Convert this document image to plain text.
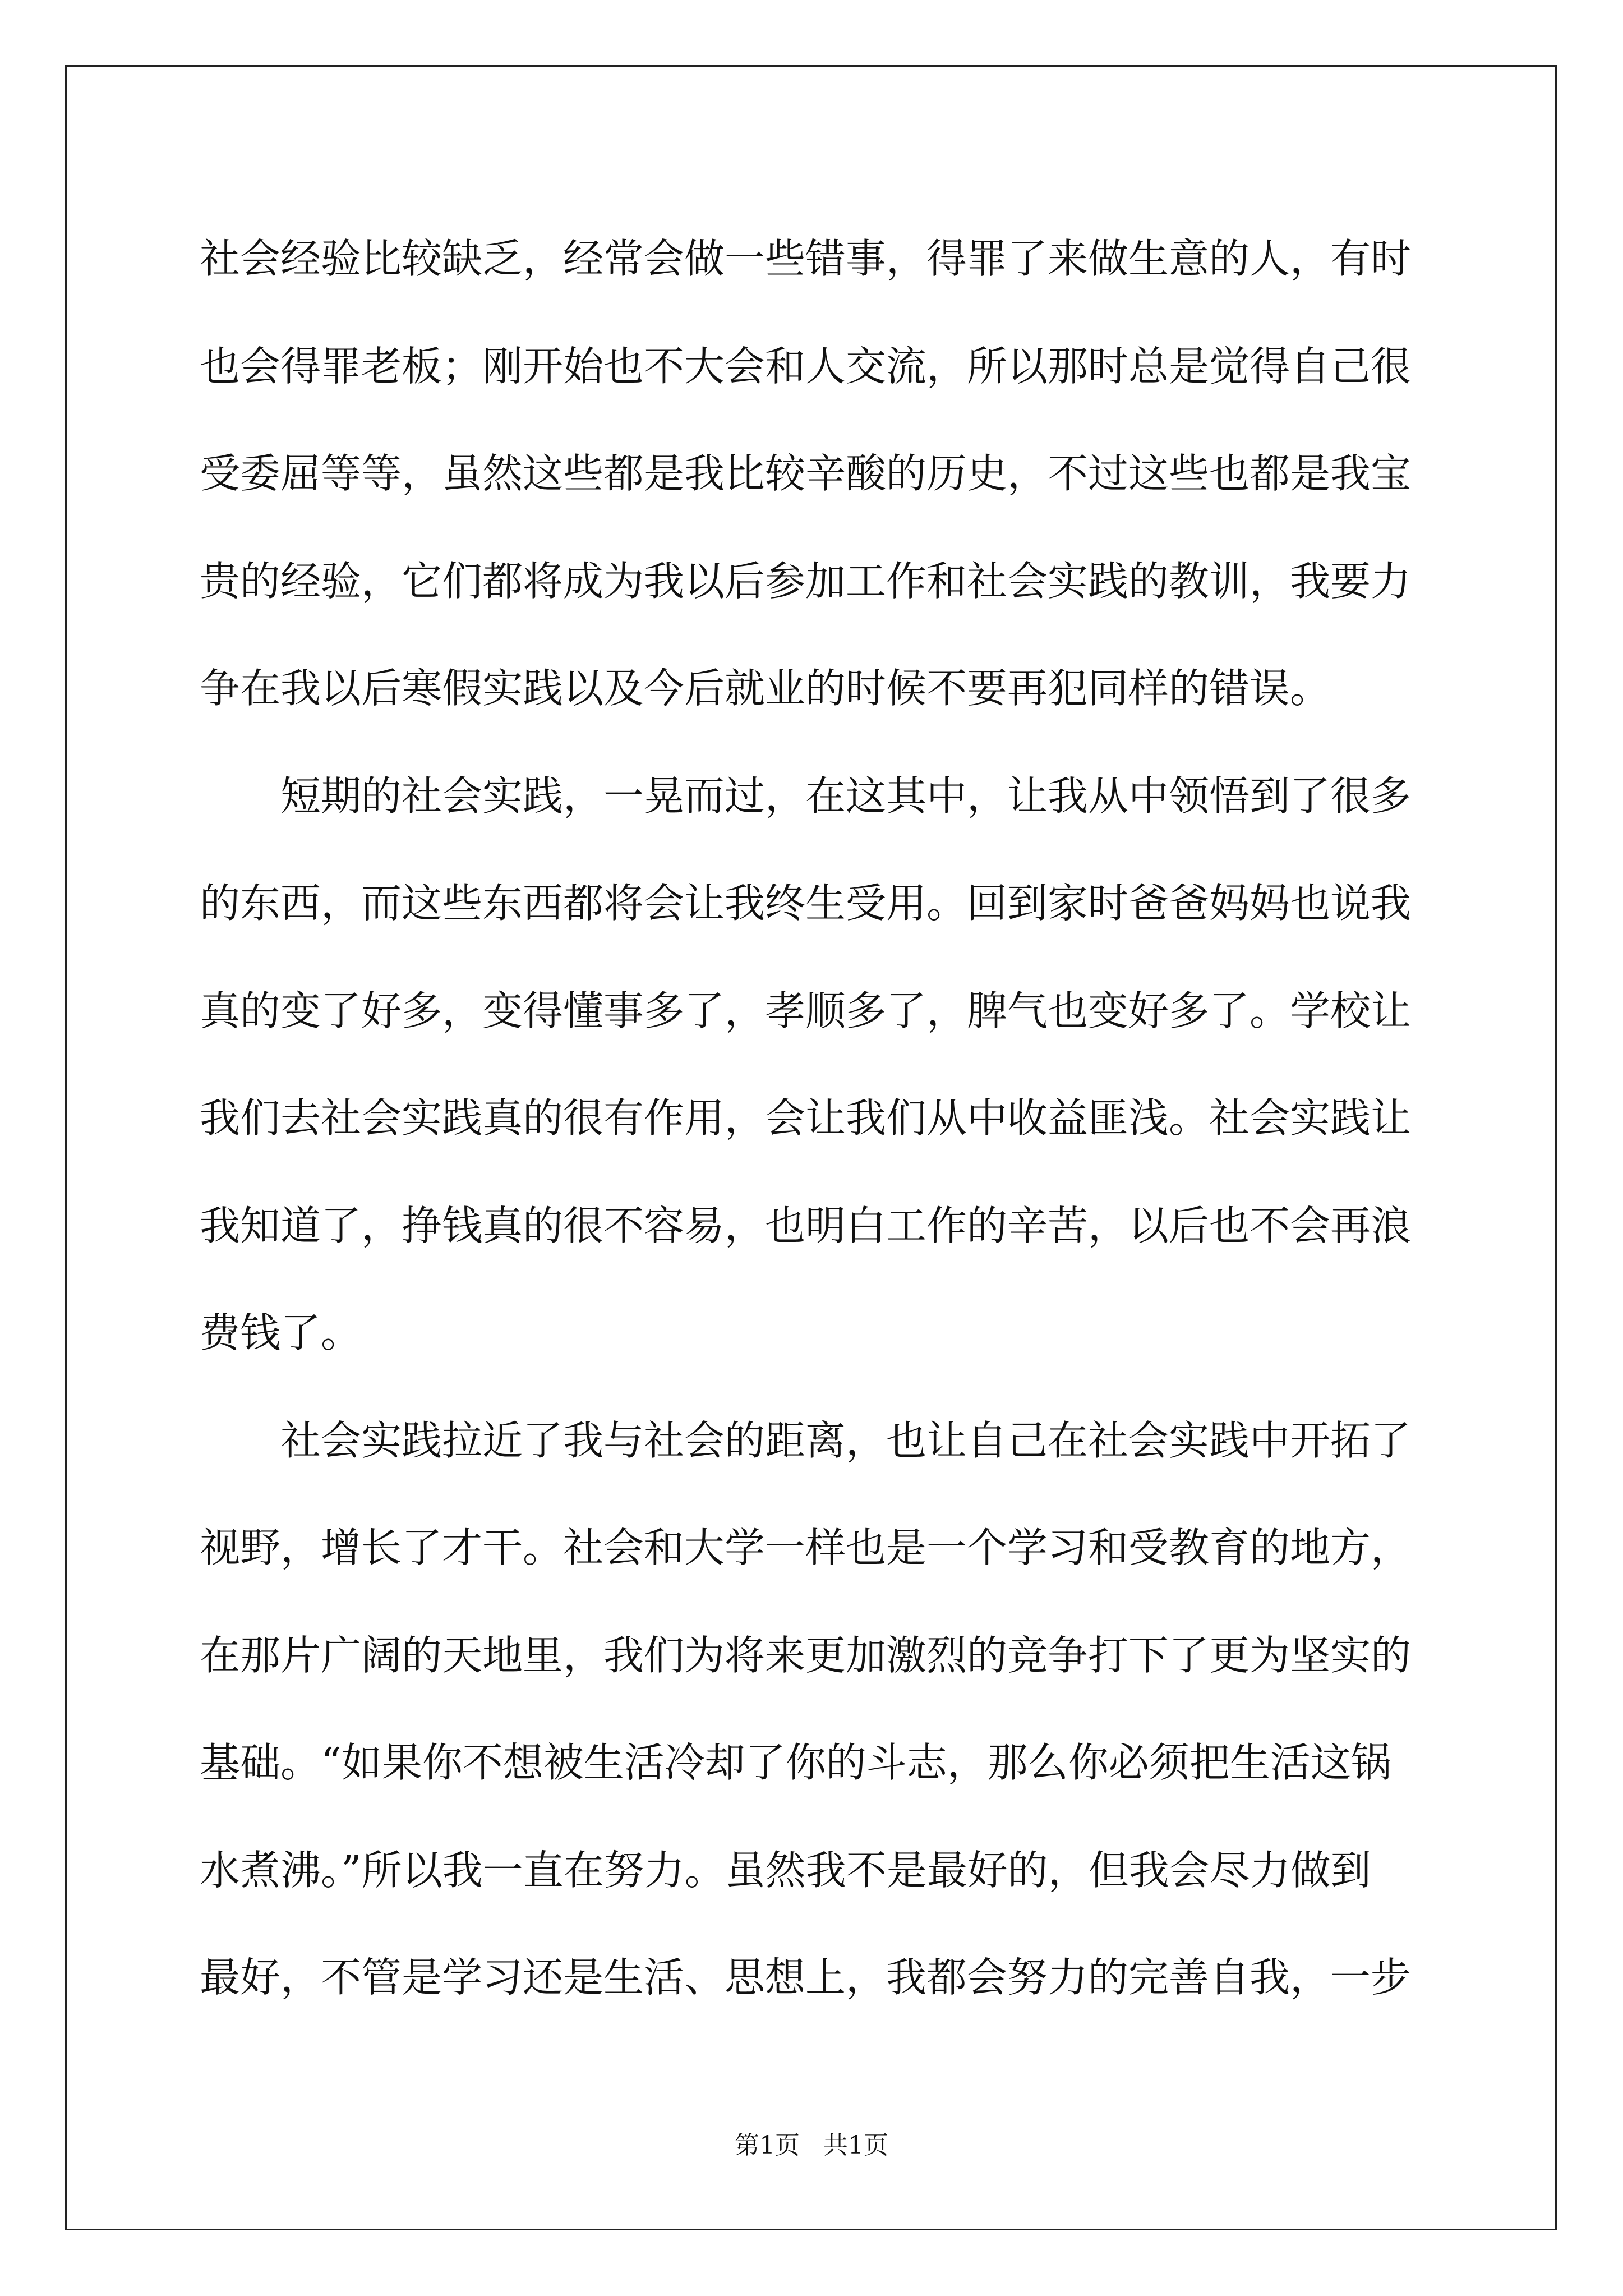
社会经验比较缺乏，经常会做一些错事，得罪了来做生意的人，有时
也会得罪老板；刚开始也不大会和人交流，所以那时总是觉得自己很
受委屈等等，虽然这些都是我比较辛酸的历史，不过这些也都是我宝
贵的经验，它们都将成为我以后参加工作和社会实践的教训，我要力
争在我以后寒假实践以及今后就业的时候不要再犯同样的错误。
　　短期的社会实践，一晃而过，在这其中，让我从中领悟到了很多
的东西，而这些东西都将会让我终生受用。回到家时爸爸妈妈也说我
真的变了好多，变得懂事多了，孝顺多了，脾气也变好多了。学校让
我们去社会实践真的很有作用，会让我们从中收益匪浅。社会实践让
我知道了，挣钱真的很不容易，也明白工作的辛苦，以后也不会再浪
费钱了。
　　社会实践拉近了我与社会的距离，也让自己在社会实践中开拓了
视野，增长了才干。社会和大学一样也是一个学习和受教育的地方，
在那片广阔的天地里，我们为将来更加激烈的竞争打下了更为坚实的
基础。“如果你不想被生活冷却了你的斗志，那么你必须把生活这锅
水煮沸。”所以我一直在努力。虽然我不是最好的，但我会尽力做到
最好，不管是学习还是生活、思想上，我都会努力的完善自我，一步
第1页   共1页
